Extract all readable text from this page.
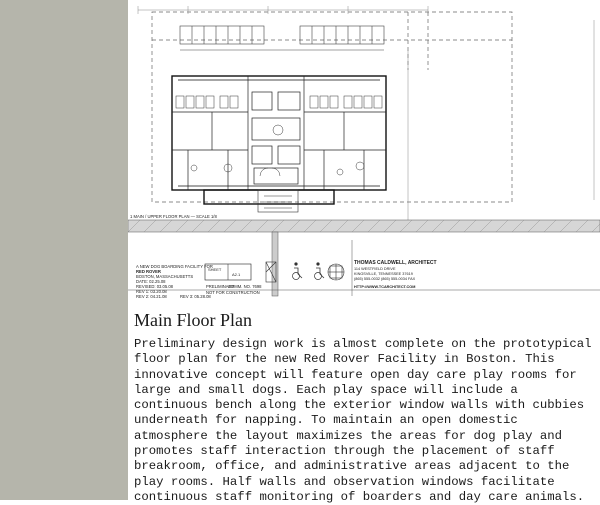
1 MAIN / UPPER FLOOR PLAN — SCALE 1/8
A NEW DOG BOARDING FACILITY FOR
RED ROVER
BOSTON, MASSACHUSETTS
DATE: 02.25.08
REVISED: 03.05.08
REV 1: 03.20.08
REV 2: 04.21.08	REV 3: 05.28.08
COMM. NO. 7698
SHEET
A2.1
PRELIMINARY
NOT FOR CONSTRUCTION
THOMAS CALDWELL, ARCHITECT
114 WESTFIELD DRIVE
KINGSVILLE, TENNESSEE 37619
(865) 555-0032 (865) 555-0034 FAX
HTTP://WWW.TCARCHITECT.COM
Main Floor Plan

Preliminary design work is almost complete on the prototypical floor plan for the new Red Rover Facility in Boston. This innovative concept will feature open day care play rooms for large and small dogs. Each play space will include a continuous bench along the exterior window walls with cubbies underneath for napping. To maintain an open domestic atmosphere the layout maximizes the areas for dog play and promotes staff interaction through the placement of staff breakroom, office, and administrative areas adjacent to the play rooms. Half walls and observation windows facilitate continuous staff monitoring of boarders and day care animals.
